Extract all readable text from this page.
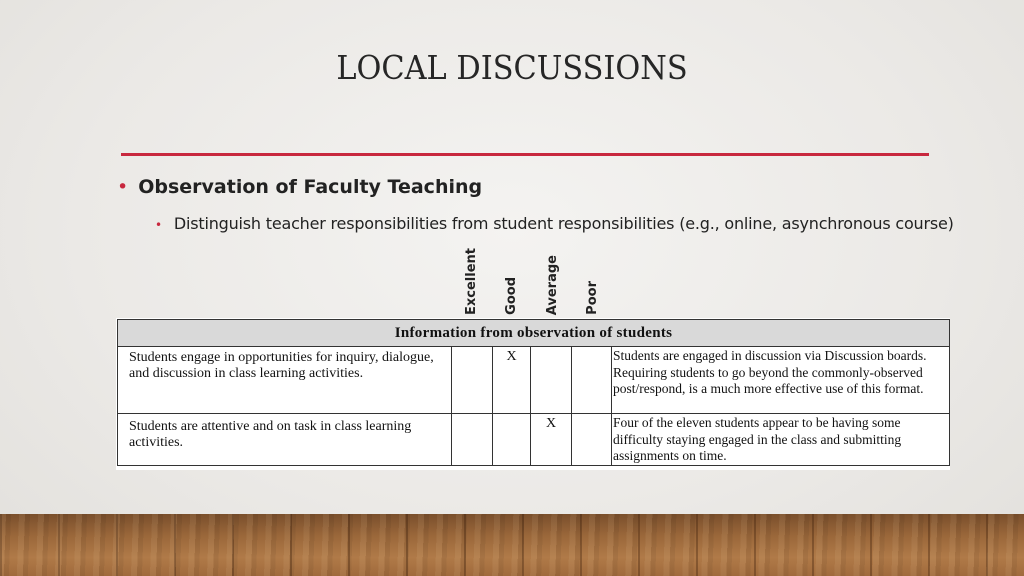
LOCAL DISCUSSIONS
• Observation of Faculty Teaching
• Distinguish teacher responsibilities from student responsibilities (e.g., online, asynchronous course)
Excellent Good Average Poor
Information from observation of students					
Students engage in opportunities for inquiry, dialogue, and discussion in class learning activities.		X			Students are engaged in discussion via Discussion boards. Requiring students to go beyond the commonly-observed post/respond, is a much more effective use of this format.
Students are attentive and on task in class learning activities.			X		Four of the eleven students appear to be having some difficulty staying engaged in the class and submitting assignments on time.
